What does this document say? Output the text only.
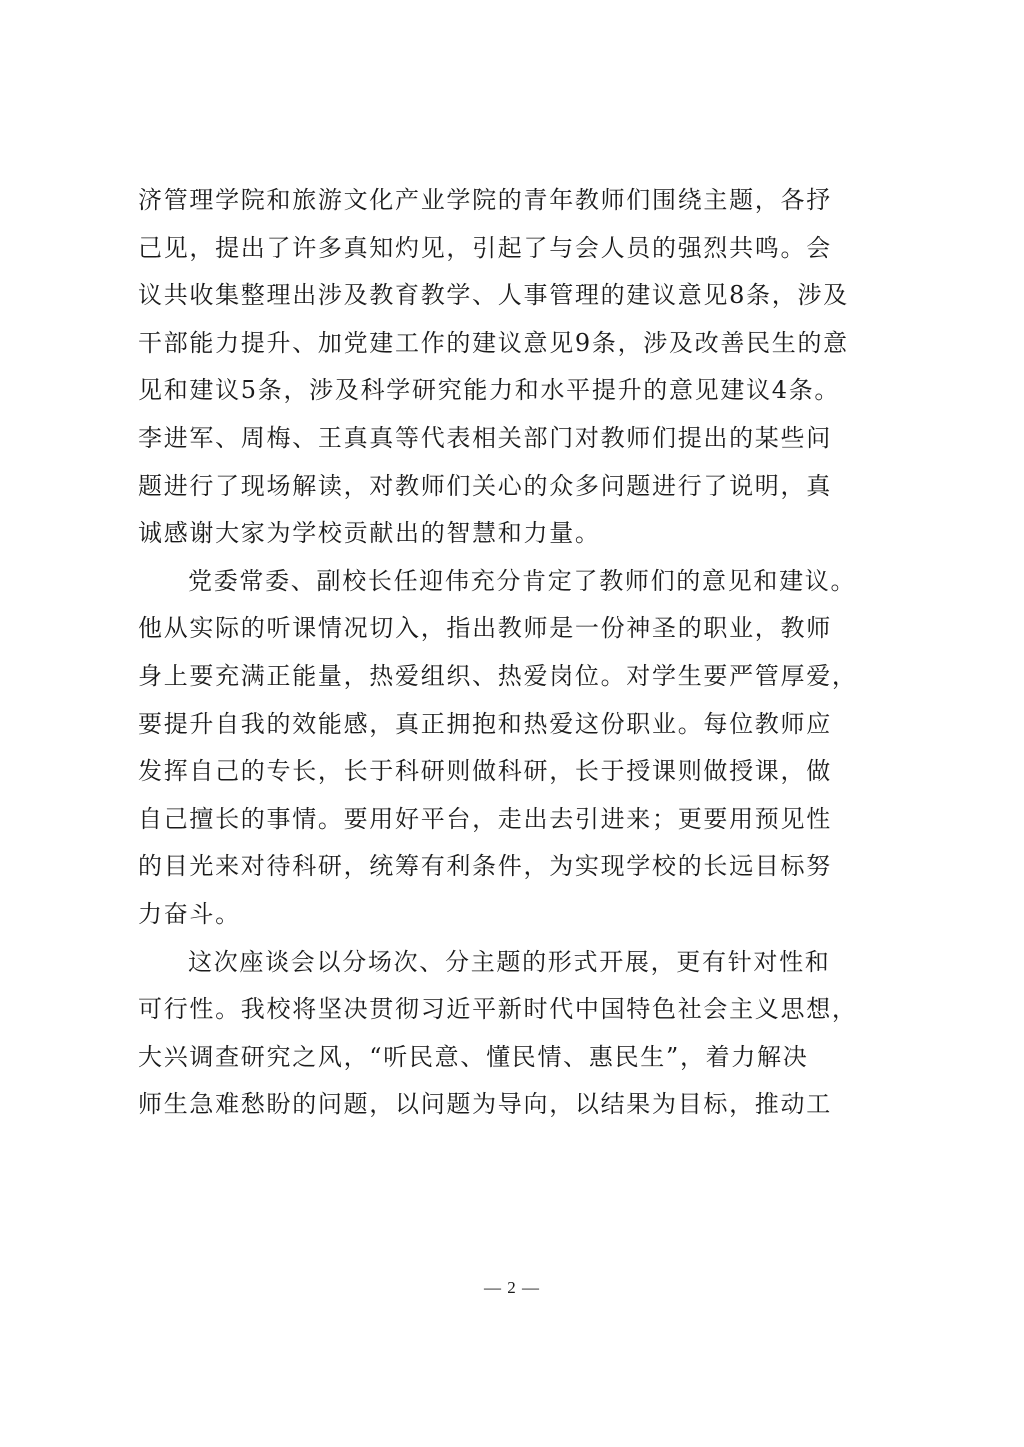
济管理学院和旅游文化产业学院的青年教师们围绕主题，各抒
己见，提出了许多真知灼见，引起了与会人员的强烈共鸣。会
议共收集整理出涉及教育教学、人事管理的建议意见8条，涉及
干部能力提升、加党建工作的建议意见9条，涉及改善民生的意
见和建议5条，涉及科学研究能力和水平提升的意见建议4条。
李进军、周梅、王真真等代表相关部门对教师们提出的某些问
题进行了现场解读，对教师们关心的众多问题进行了说明，真
诚感谢大家为学校贡献出的智慧和力量。
党委常委、副校长任迎伟充分肯定了教师们的意见和建议。
他从实际的听课情况切入，指出教师是一份神圣的职业，教师
身上要充满正能量，热爱组织、热爱岗位。对学生要严管厚爱，
要提升自我的效能感，真正拥抱和热爱这份职业。每位教师应
发挥自己的专长，长于科研则做科研，长于授课则做授课，做
自己擅长的事情。要用好平台，走出去引进来；更要用预见性
的目光来对待科研，统筹有利条件，为实现学校的长远目标努
力奋斗。
这次座谈会以分场次、分主题的形式开展，更有针对性和
可行性。我校将坚决贯彻习近平新时代中国特色社会主义思想，
大兴调查研究之风，“听民意、懂民情、惠民生”，着力解决
师生急难愁盼的问题，以问题为导向，以结果为目标，推动工
— 2 —
